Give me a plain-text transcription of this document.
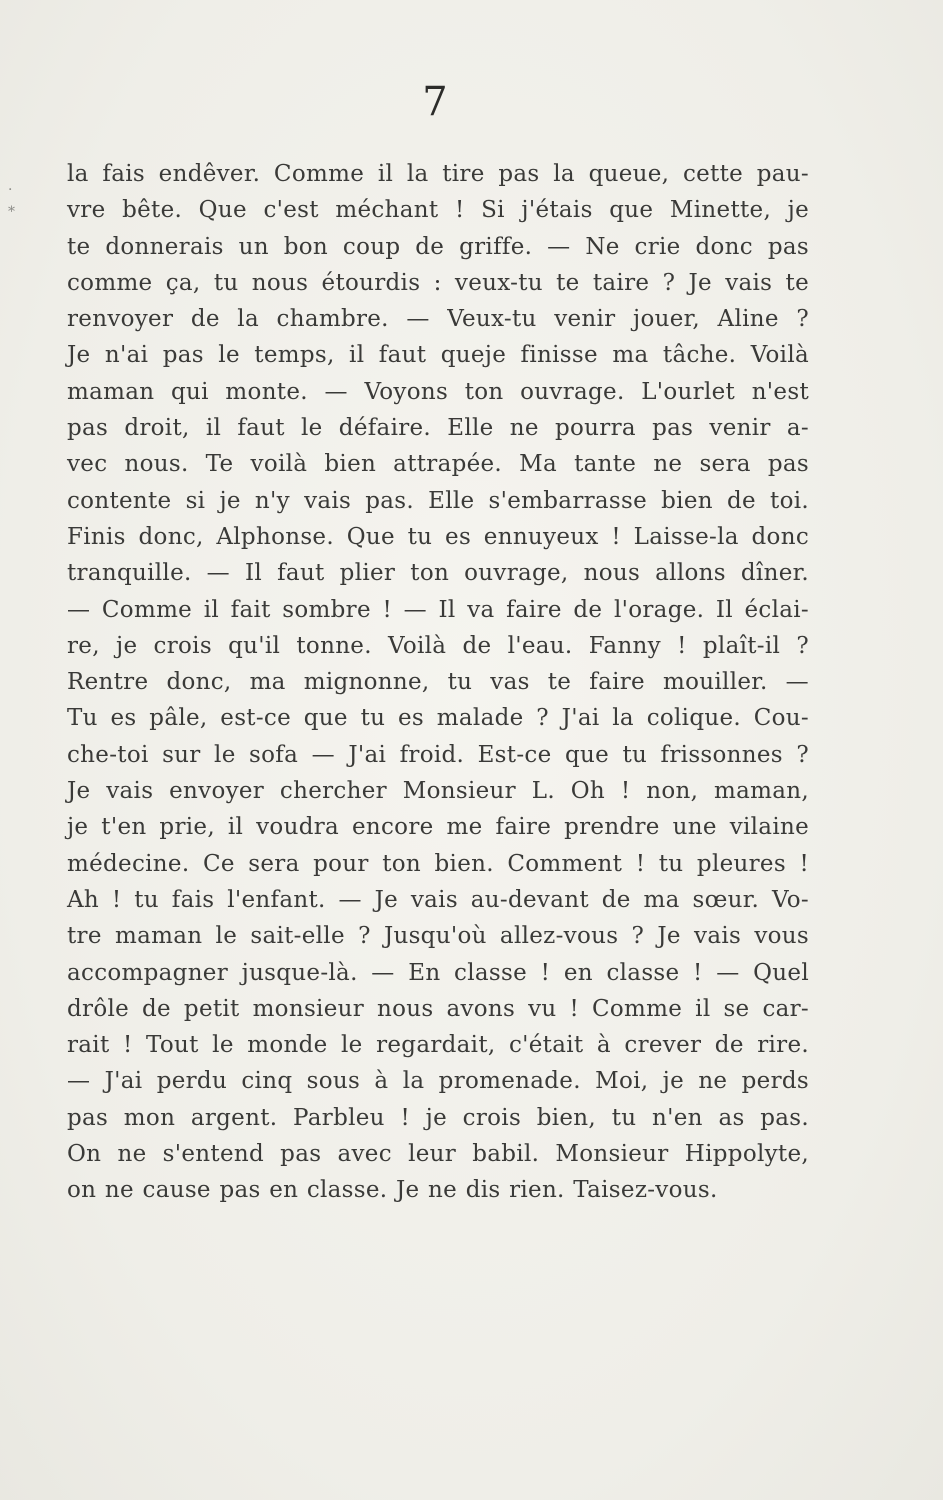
·
*
7
la fais endêver. Comme il la tire pas la queue, cette pau-
vre bête. Que c'est méchant ! Si j'étais que Minette, je
te donnerais un bon coup de griffe. — Ne crie donc pas
comme ça, tu nous étourdis : veux-tu te taire ? Je vais te
renvoyer de la chambre. — Veux-tu venir jouer, Aline ?
Je n'ai pas le temps, il faut queje finisse ma tâche. Voilà
maman qui monte. — Voyons ton ouvrage. L'ourlet n'est
pas droit, il faut le défaire. Elle ne pourra pas venir a-
vec nous. Te voilà bien attrapée. Ma tante ne sera pas
contente si je n'y vais pas. Elle s'embarrasse bien de toi.
Finis donc, Alphonse. Que tu es ennuyeux ! Laisse-la donc
tranquille. — Il faut plier ton ouvrage, nous allons dîner.
— Comme il fait sombre ! — Il va faire de l'orage. Il éclai-
re, je crois qu'il tonne. Voilà de l'eau. Fanny ! plaît-il ?
Rentre donc, ma mignonne, tu vas te faire mouiller. —
Tu es pâle, est-ce que tu es malade ? J'ai la colique. Cou-
che-toi sur le sofa — J'ai froid. Est-ce que tu frissonnes ?
Je vais envoyer chercher Monsieur L. Oh ! non, maman,
je t'en prie, il voudra encore me faire prendre une vilaine
médecine. Ce sera pour ton bien. Comment ! tu pleures !
Ah ! tu fais l'enfant. — Je vais au-devant de ma sœur. Vo-
tre maman le sait-elle ? Jusqu'où allez-vous ? Je vais vous
accompagner jusque-là. — En classe ! en classe ! — Quel
drôle de petit monsieur nous avons vu ! Comme il se car-
rait ! Tout le monde le regardait, c'était à crever de rire.
— J'ai perdu cinq sous à la promenade. Moi, je ne perds
pas mon argent. Parbleu ! je crois bien, tu n'en as pas.
On ne s'entend pas avec leur babil. Monsieur Hippolyte,
on ne cause pas en classe. Je ne dis rien. Taisez-vous.
